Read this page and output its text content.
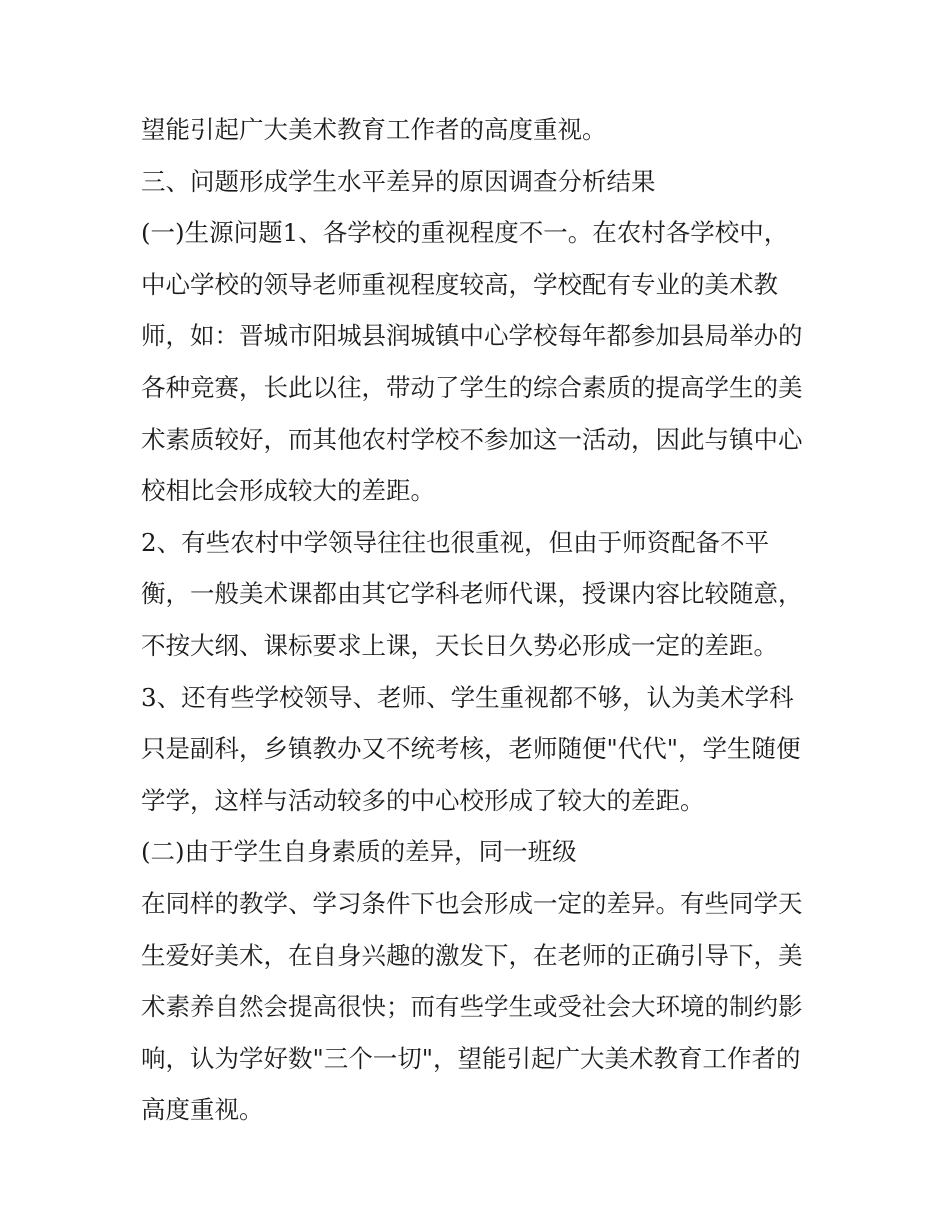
望能引起广大美术教育工作者的高度重视。
三、问题形成学生水平差异的原因调查分析结果
(一)生源问题1、各学校的重视程度不一。在农村各学校中，
中心学校的领导老师重视程度较高，学校配有专业的美术教
师，如：晋城市阳城县润城镇中心学校每年都参加县局举办的
各种竞赛，长此以往，带动了学生的综合素质的提高学生的美
术素质较好，而其他农村学校不参加这一活动，因此与镇中心
校相比会形成较大的差距。
2、有些农村中学领导往往也很重视，但由于师资配备不平
衡，一般美术课都由其它学科老师代课，授课内容比较随意，
不按大纲、课标要求上课，天长日久势必形成一定的差距。
3、还有些学校领导、老师、学生重视都不够，认为美术学科
只是副科，乡镇教办又不统考核，老师随便"代代"，学生随便
学学，这样与活动较多的中心校形成了较大的差距。
(二)由于学生自身素质的差异，同一班级
在同样的教学、学习条件下也会形成一定的差异。有些同学天
生爱好美术，在自身兴趣的激发下，在老师的正确引导下，美
术素养自然会提高很快；而有些学生或受社会大环境的制约影
响，认为学好数"三个一切"，望能引起广大美术教育工作者的
高度重视。
